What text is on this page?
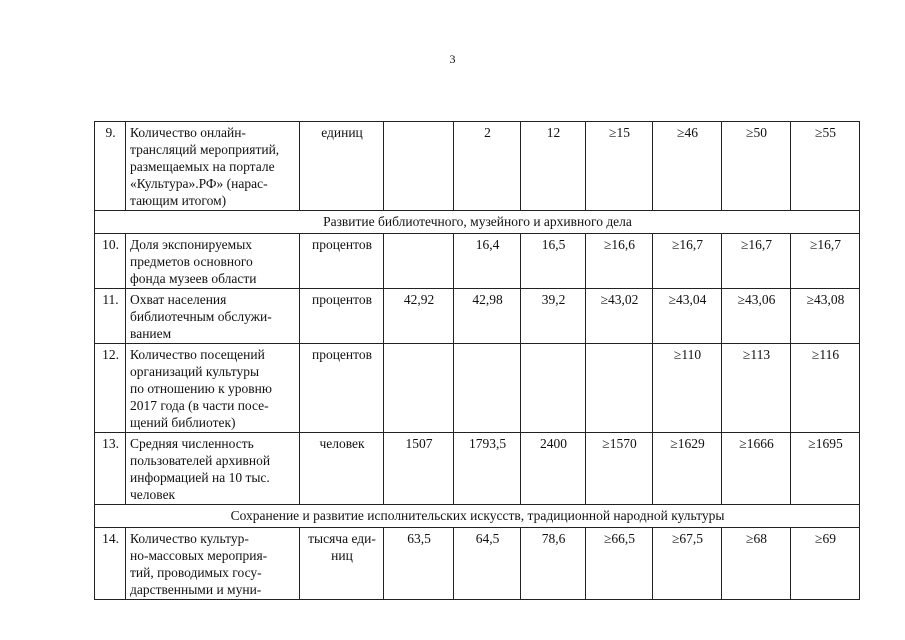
3
9.	Количество онлайн-
трансляций мероприятий,
размещаемых на портале
«Культура».РФ» (нарас-
тающим итогом)	единиц		2	12	≥15	≥46	≥50	≥55
Развитие библиотечного, музейного и архивного дела									
10.	Доля экспонируемых
предметов основного
фонда музеев области	процентов		16,4	16,5	≥16,6	≥16,7	≥16,7	≥16,7
11.	Охват населения
библиотечным обслужи-
ванием	процентов	42,92	42,98	39,2	≥43,02	≥43,04	≥43,06	≥43,08
12.	Количество посещений
организаций культуры
по отношению к уровню
2017 года (в части посе-
щений библиотек)	процентов					≥110	≥113	≥116
13.	Средняя численность
пользователей архивной
информацией на 10 тыс.
человек	человек	1507	1793,5	2400	≥1570	≥1629	≥1666	≥1695
Сохранение и развитие исполнительских искусств, традиционной народной культуры									
14.	Количество культур-
но-массовых мероприя-
тий, проводимых госу-
дарственными и муни-	тысяча еди-
ниц	63,5	64,5	78,6	≥66,5	≥67,5	≥68	≥69
